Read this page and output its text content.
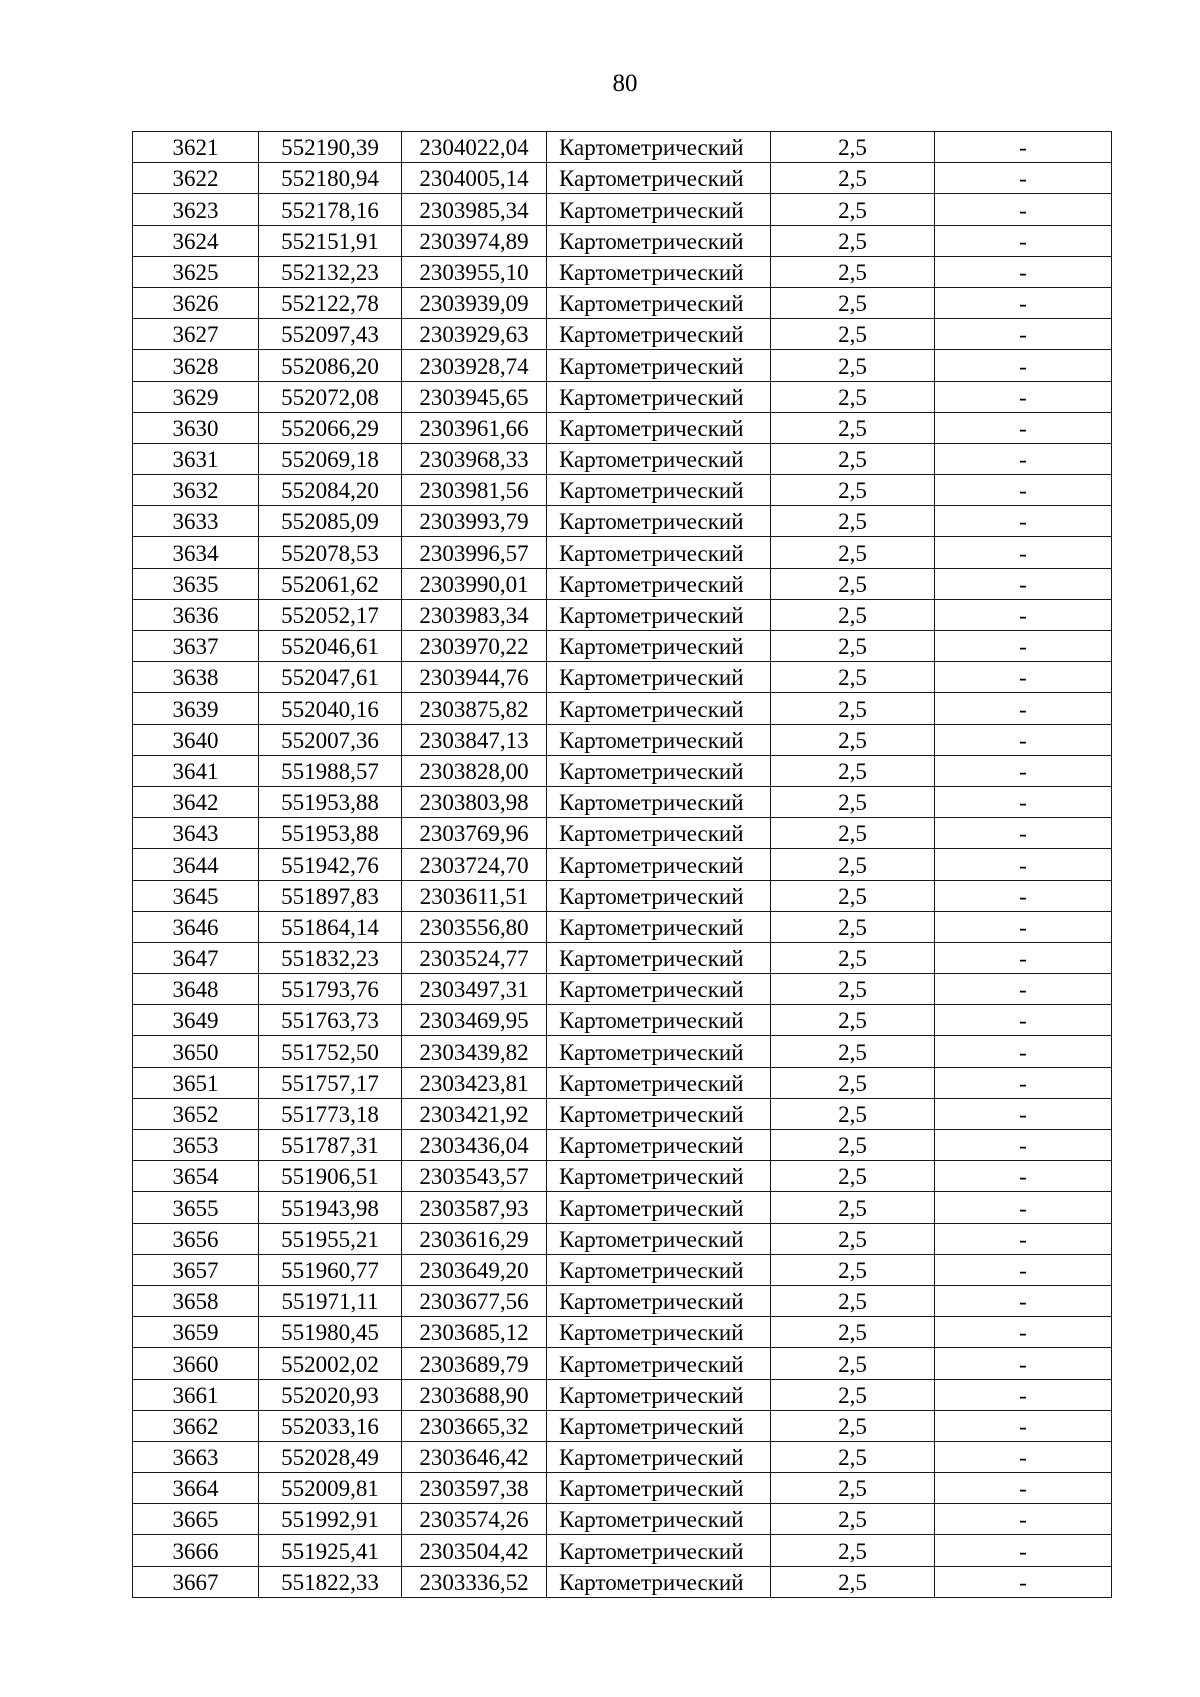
80
3621	552190,39	2304022,04	Картометрический	2,5	-
3622	552180,94	2304005,14	Картометрический	2,5	-
3623	552178,16	2303985,34	Картометрический	2,5	-
3624	552151,91	2303974,89	Картометрический	2,5	-
3625	552132,23	2303955,10	Картометрический	2,5	-
3626	552122,78	2303939,09	Картометрический	2,5	-
3627	552097,43	2303929,63	Картометрический	2,5	-
3628	552086,20	2303928,74	Картометрический	2,5	-
3629	552072,08	2303945,65	Картометрический	2,5	-
3630	552066,29	2303961,66	Картометрический	2,5	-
3631	552069,18	2303968,33	Картометрический	2,5	-
3632	552084,20	2303981,56	Картометрический	2,5	-
3633	552085,09	2303993,79	Картометрический	2,5	-
3634	552078,53	2303996,57	Картометрический	2,5	-
3635	552061,62	2303990,01	Картометрический	2,5	-
3636	552052,17	2303983,34	Картометрический	2,5	-
3637	552046,61	2303970,22	Картометрический	2,5	-
3638	552047,61	2303944,76	Картометрический	2,5	-
3639	552040,16	2303875,82	Картометрический	2,5	-
3640	552007,36	2303847,13	Картометрический	2,5	-
3641	551988,57	2303828,00	Картометрический	2,5	-
3642	551953,88	2303803,98	Картометрический	2,5	-
3643	551953,88	2303769,96	Картометрический	2,5	-
3644	551942,76	2303724,70	Картометрический	2,5	-
3645	551897,83	2303611,51	Картометрический	2,5	-
3646	551864,14	2303556,80	Картометрический	2,5	-
3647	551832,23	2303524,77	Картометрический	2,5	-
3648	551793,76	2303497,31	Картометрический	2,5	-
3649	551763,73	2303469,95	Картометрический	2,5	-
3650	551752,50	2303439,82	Картометрический	2,5	-
3651	551757,17	2303423,81	Картометрический	2,5	-
3652	551773,18	2303421,92	Картометрический	2,5	-
3653	551787,31	2303436,04	Картометрический	2,5	-
3654	551906,51	2303543,57	Картометрический	2,5	-
3655	551943,98	2303587,93	Картометрический	2,5	-
3656	551955,21	2303616,29	Картометрический	2,5	-
3657	551960,77	2303649,20	Картометрический	2,5	-
3658	551971,11	2303677,56	Картометрический	2,5	-
3659	551980,45	2303685,12	Картометрический	2,5	-
3660	552002,02	2303689,79	Картометрический	2,5	-
3661	552020,93	2303688,90	Картометрический	2,5	-
3662	552033,16	2303665,32	Картометрический	2,5	-
3663	552028,49	2303646,42	Картометрический	2,5	-
3664	552009,81	2303597,38	Картометрический	2,5	-
3665	551992,91	2303574,26	Картометрический	2,5	-
3666	551925,41	2303504,42	Картометрический	2,5	-
3667	551822,33	2303336,52	Картометрический	2,5	-
